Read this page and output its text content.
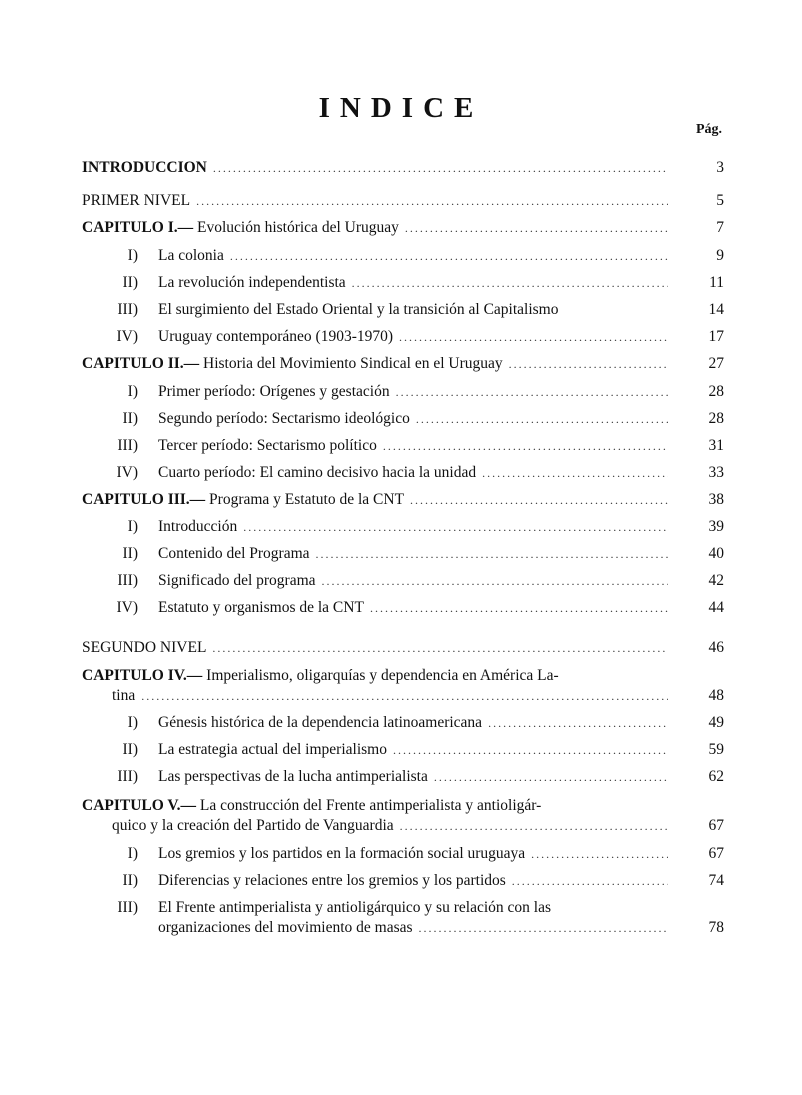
INDICE
Pág.
INTRODUCCION .....	3
PRIMER NIVEL .....	5
CAPITULO I.— Evolución histórica del Uruguay .....	7
I) La colonia .....	9
II) La revolución independentista .....	11
III) El surgimiento del Estado Oriental y la transición al Capitalismo	14
IV) Uruguay contemporáneo (1903-1970) .....	17
CAPITULO II.— Historia del Movimiento Sindical en el Uruguay .....	27
I) Primer período: Orígenes y gestación .....	28
II) Segundo período: Sectarismo ideológico .....	28
III) Tercer período: Sectarismo político .....	31
IV) Cuarto período: El camino decisivo hacia la unidad .....	33
CAPITULO III.— Programa y Estatuto de la CNT .....	38
I) Introducción .....	39
II) Contenido del Programa .....	40
III) Significado del programa .....	42
IV) Estatuto y organismos de la CNT .....	44
SEGUNDO NIVEL .....	46
CAPITULO IV.— Imperialismo, oligarquías y dependencia en América La-
tina .....	48
I) Génesis histórica de la dependencia latinoamericana .....	49
II) La estrategia actual del imperialismo .....	59
III) Las perspectivas de la lucha antimperialista .....	62
CAPITULO V.— La construcción del Frente antimperialista y antioligár-
quico y la creación del Partido de Vanguardia .....	67
I) Los gremios y los partidos en la formación social uruguaya .....	67
II) Diferencias y relaciones entre los gremios y los partidos .....	74
III) El Frente antimperialista y antioligárquico y su relación con las
organizaciones del movimiento de masas .....	78
